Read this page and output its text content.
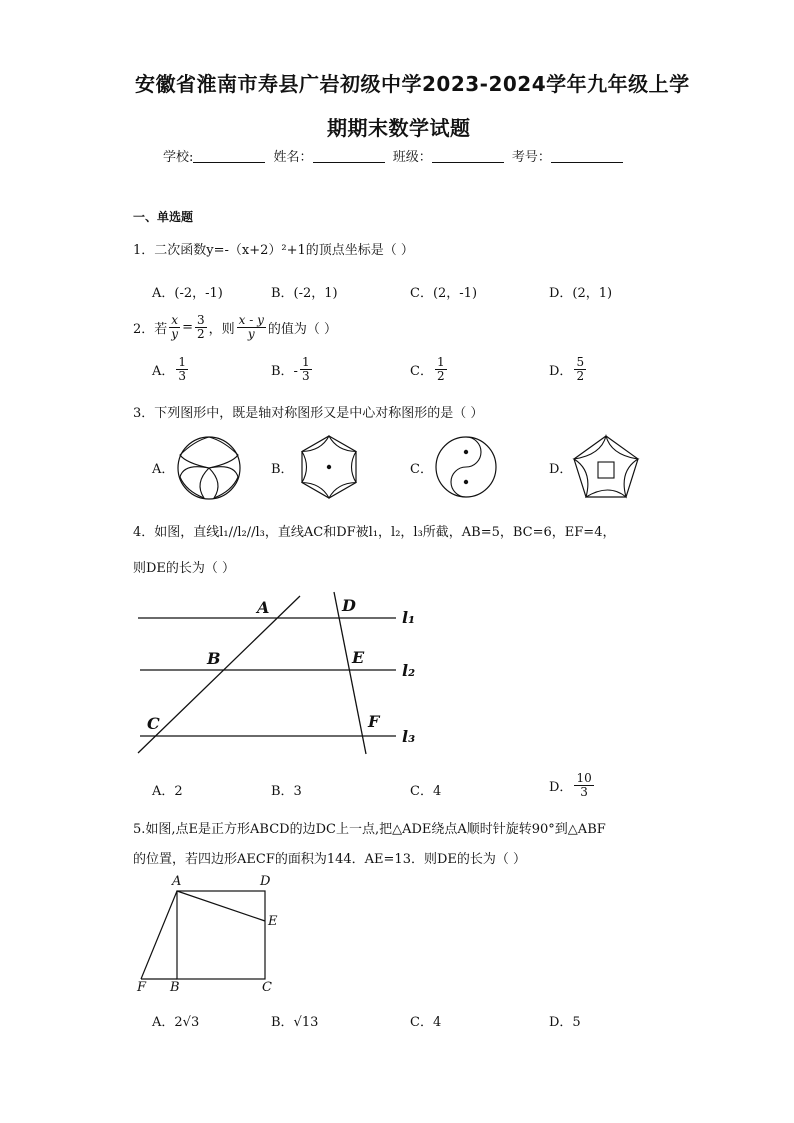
安徽省淮南市寿县广岩初级中学2023-2024学年九年级上学
期期末数学试题
学校:	姓名：	班级：	考号：
一、单选题
1．二次函数y=-（x+2）²+1的顶点坐标是（ ）
A．(-2，-1)	B．(-2，1)	C．(2，-1)	D．(2，1)
2．若 $\frac{x}{y} = \frac{3}{2}$ ，则 $\frac{x - y}{y}$ 的值为（ ）
A． $\frac{1}{3}$	B．- $\frac{1}{3}$	C． $\frac{1}{2}$	D． $\frac{5}{2}$
3．下列图形中，既是轴对称图形又是中心对称图形的是（ ）
A．	B．	C．	D．
4．如图，直线l₁//l₂//l₃，直线AC和DF被l₁，l₂，l₃所截，AB=5，BC=6，EF=4，
则DE的长为（ ）
A	D
l₁
B	E
l₂
C	F
l₃
A．2	B．3	C．4	D． $\frac{10}{3}$
5.如图,点E是正方形ABCD的边DC上一点,把△ADE绕点A顺时针旋转90°到△ABF
的位置，若四边形AECF的面积为144．AE=13．则DE的长为（ ）
A	D
E
F B	C
A．2√3	B．√13	C．4	D．5
